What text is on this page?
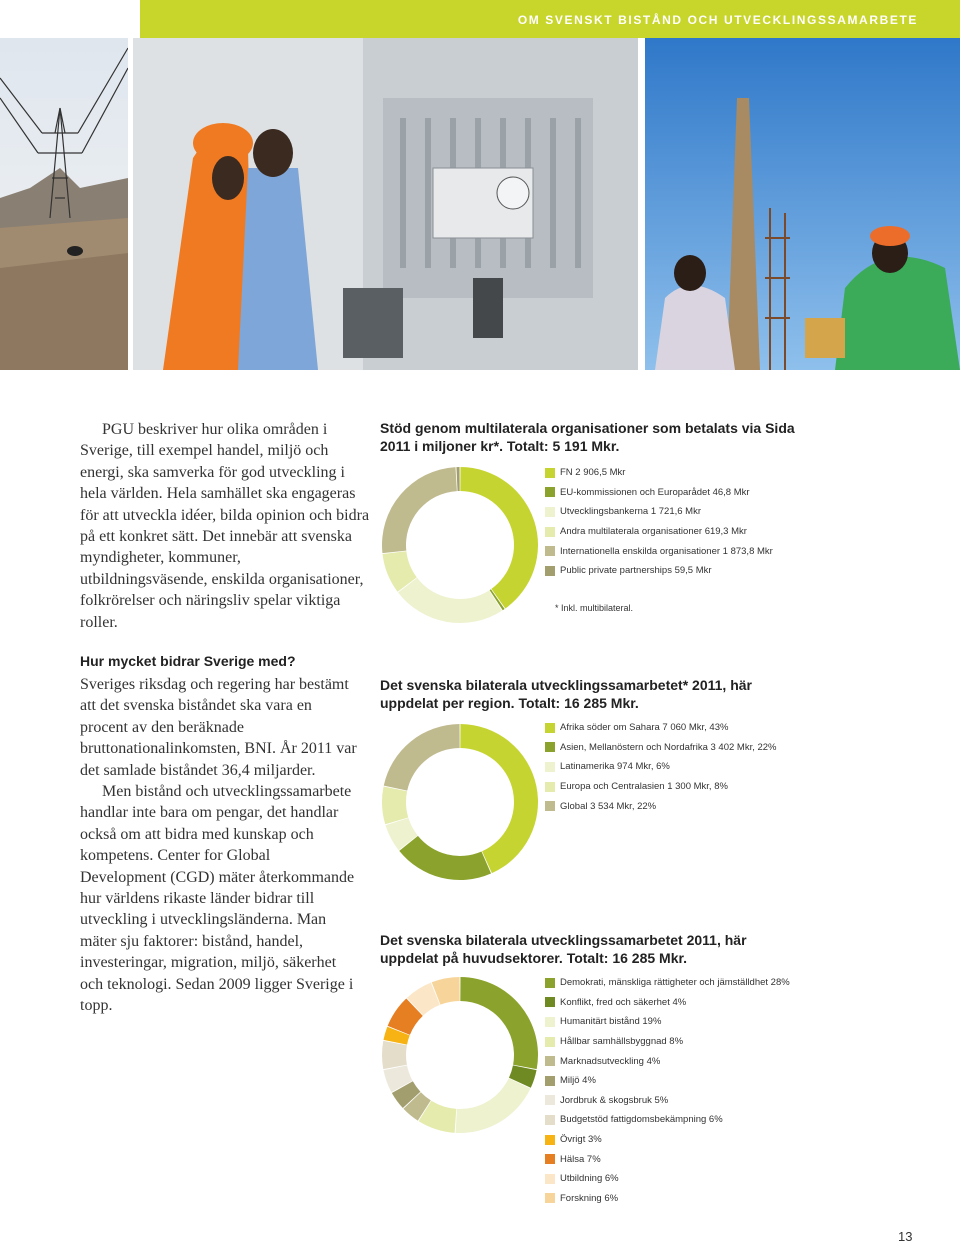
OM SVENSKT BISTÅND OCH UTVECKLINGSSAMARBETE

PGU beskriver hur olika områden i Sverige, till exempel handel, miljö och energi, ska samverka för god utveckling i hela världen. Hela samhället ska engageras för att utveckla idéer, bilda opinion och bidra på ett konkret sätt. Det innebär att svenska myndigheter, kommuner, utbildningsväsende, enskilda organisationer, folkrörelser och näringsliv spelar viktiga roller.

Hur mycket bidrar Sverige med?

Sveriges riksdag och regering har bestämt att det svenska biståndet ska vara en procent av den beräknade bruttonationalinkomsten, BNI. År 2011 var det samlade biståndet 36,4 miljarder.

Men bistånd och utvecklingssamarbete handlar inte bara om pengar, det handlar också om att bidra med kunskap och kompetens. Center for Global Development (CGD) mäter återkommande hur världens rikaste länder bidrar till utveckling i utvecklingsländerna. Man mäter sju faktorer: bistånd, handel, investeringar, migration, miljö, säkerhet och teknologi. Sedan 2009 ligger Sverige i topp.

Stöd genom multilaterala organisationer som betalats via Sida 2011 i miljoner kr*. Totalt: 5 191 Mkr.
FN 2 906,5 Mkr
EU-kommissionen och Europarådet 46,8 Mkr
Utvecklingsbankerna 1 721,6 Mkr
Andra multilaterala organisationer 619,3 Mkr
Internationella enskilda organisationer 1 873,8 Mkr
Public private partnerships 59,5 Mkr
* Inkl. multibilateral.
Det svenska bilaterala utvecklingssamarbetet* 2011, här uppdelat per region. Totalt: 16 285 Mkr.
Afrika söder om Sahara 7 060 Mkr, 43%
Asien, Mellanöstern och Nordafrika 3 402 Mkr, 22%
Latinamerika 974 Mkr, 6%
Europa och Centralasien 1 300 Mkr, 8%
Global 3 534 Mkr, 22%
Det svenska bilaterala utvecklingssamarbetet 2011, här uppdelat på huvudsektorer. Totalt: 16 285 Mkr.
Demokrati, mänskliga rättigheter och jämställdhet 28%
Konflikt, fred och säkerhet 4%
Humanitärt bistånd 19%
Hållbar samhällsbyggnad 8%
Marknadsutveckling 4%
Miljö 4%
Jordbruk & skogsbruk 5%
Budgetstöd fattigdomsbekämpning 6%
Övrigt 3%
Hälsa 7%
Utbildning 6%
Forskning 6%
13
